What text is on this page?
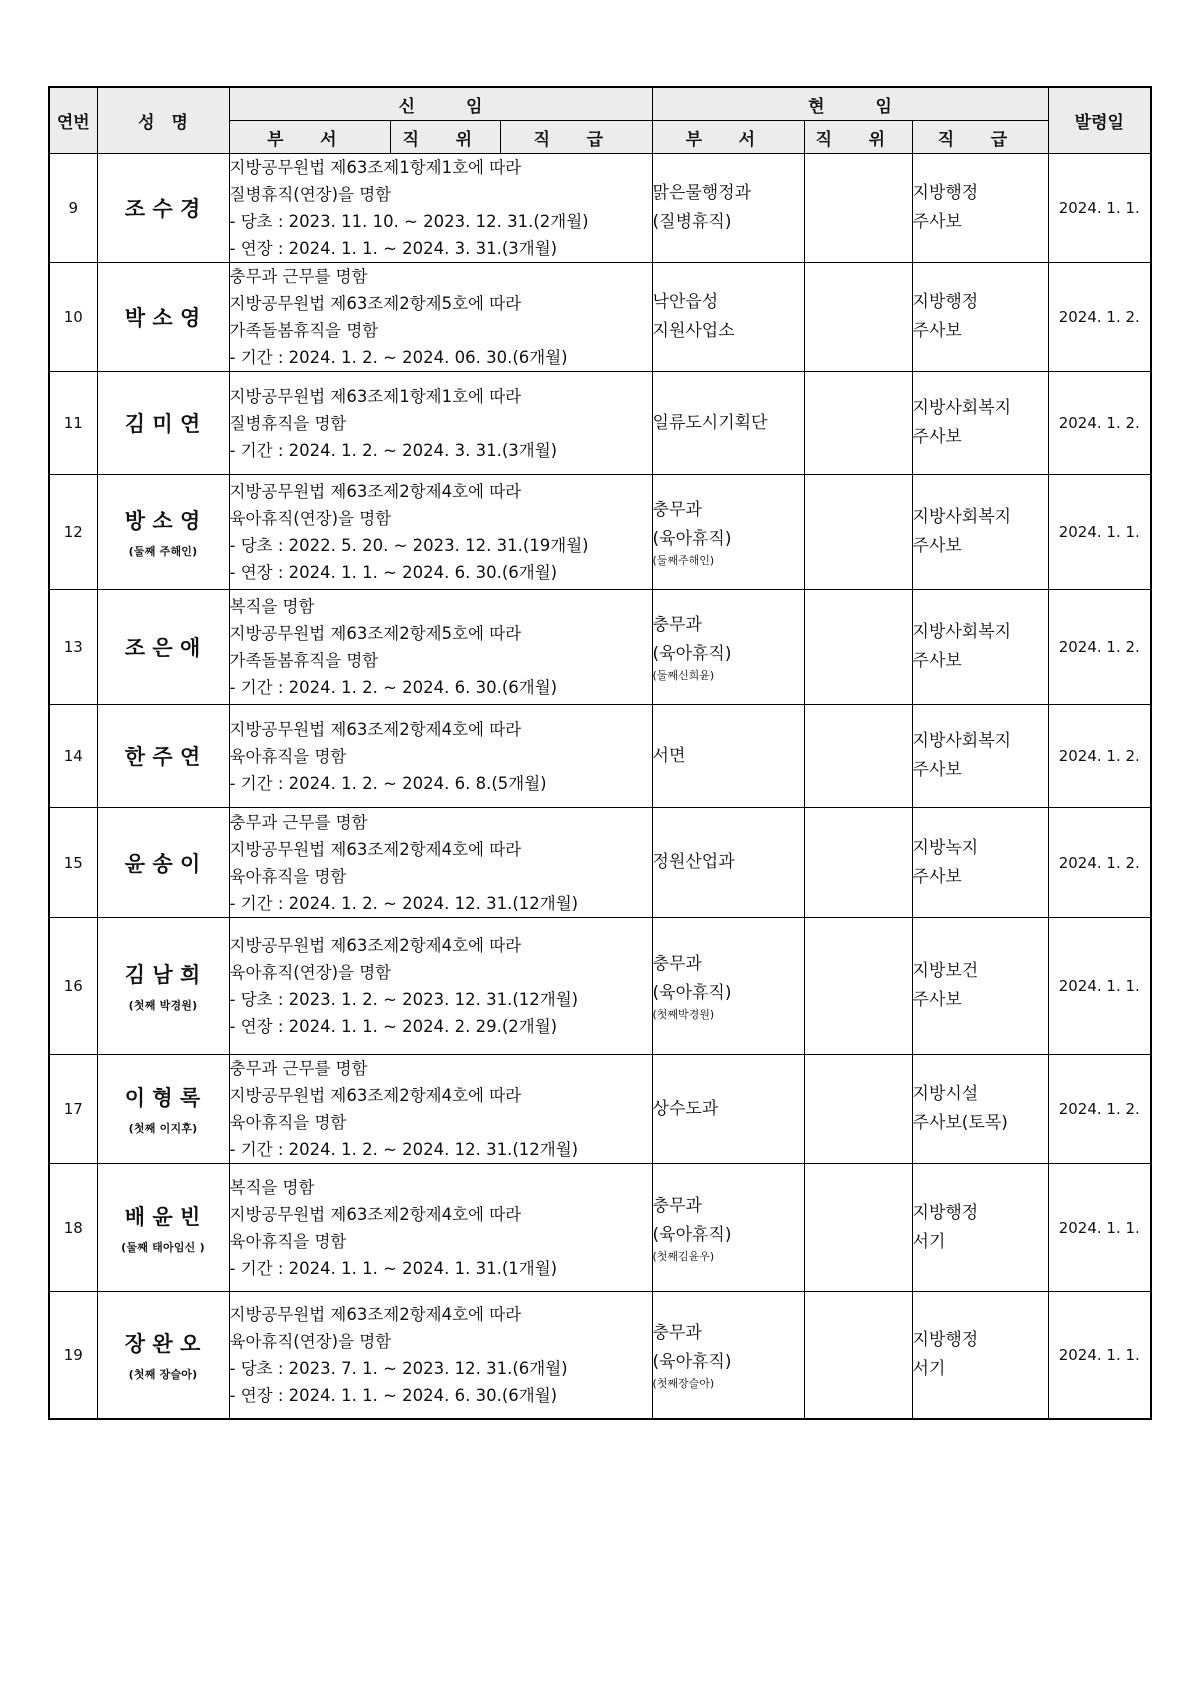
연번	성　명	신　　　임			현　　　임			발령일
		부 서	직 위	직 급	부 서	직 위	직 급	
9	조수경	지방공무원법 제63조제1항제1호에 따라
질병휴직(연장)을 명함
- 당초 : 2023. 11. 10. ~ 2023. 12. 31.(2개월)
- 연장 : 2024. 1. 1. ~ 2024. 3. 31.(3개월)			맑은물행정과
(질병휴직)		지방행정
주사보	2024. 1. 1.
10	박소영	충무과 근무를 명함
지방공무원법 제63조제2항제5호에 따라
가족돌봄휴직을 명함
- 기간 : 2024. 1. 2. ~ 2024. 06. 30.(6개월)			낙안읍성
지원사업소		지방행정
주사보	2024. 1. 2.
11	김미연	지방공무원법 제63조제1항제1호에 따라
질병휴직을 명함
- 기간 : 2024. 1. 2. ~ 2024. 3. 31.(3개월)			일류도시기획단		지방사회복지
주사보	2024. 1. 2.
12	방소영
(둘째 주해인)	지방공무원법 제63조제2항제4호에 따라
육아휴직(연장)을 명함
- 당초 : 2022. 5. 20. ~ 2023. 12. 31.(19개월)
- 연장 : 2024. 1. 1. ~ 2024. 6. 30.(6개월)			충무과
(육아휴직)
(둘째주해인)		지방사회복지
주사보	2024. 1. 1.
13	조은애	복직을 명함
지방공무원법 제63조제2항제5호에 따라
가족돌봄휴직을 명함
- 기간 : 2024. 1. 2. ~ 2024. 6. 30.(6개월)			충무과
(육아휴직)
(둘째신희윤)		지방사회복지
주사보	2024. 1. 2.
14	한주연	지방공무원법 제63조제2항제4호에 따라
육아휴직을 명함
- 기간 : 2024. 1. 2. ~ 2024. 6. 8.(5개월)			서면		지방사회복지
주사보	2024. 1. 2.
15	윤송이	충무과 근무를 명함
지방공무원법 제63조제2항제4호에 따라
육아휴직을 명함
- 기간 : 2024. 1. 2. ~ 2024. 12. 31.(12개월)			정원산업과		지방녹지
주사보	2024. 1. 2.
16	김남희
(첫째 박경원)	지방공무원법 제63조제2항제4호에 따라
육아휴직(연장)을 명함
- 당초 : 2023. 1. 2. ~ 2023. 12. 31.(12개월)
- 연장 : 2024. 1. 1. ~ 2024. 2. 29.(2개월)			충무과
(육아휴직)
(첫째박경원)		지방보건
주사보	2024. 1. 1.
17	이형록
(첫째 이지후)	충무과 근무를 명함
지방공무원법 제63조제2항제4호에 따라
육아휴직을 명함
- 기간 : 2024. 1. 2. ~ 2024. 12. 31.(12개월)			상수도과		지방시설
주사보(토목)	2024. 1. 2.
18	배윤빈
(둘째 태아임신 )	복직을 명함
지방공무원법 제63조제2항제4호에 따라
육아휴직을 명함
- 기간 : 2024. 1. 1. ~ 2024. 1. 31.(1개월)			충무과
(육아휴직)
(첫째김윤우)		지방행정
서기	2024. 1. 1.
19	장완오
(첫째 장슬아)	지방공무원법 제63조제2항제4호에 따라
육아휴직(연장)을 명함
- 당초 : 2023. 7. 1. ~ 2023. 12. 31.(6개월)
- 연장 : 2024. 1. 1. ~ 2024. 6. 30.(6개월)			충무과
(육아휴직)
(첫째장슬아)		지방행정
서기	2024. 1. 1.
